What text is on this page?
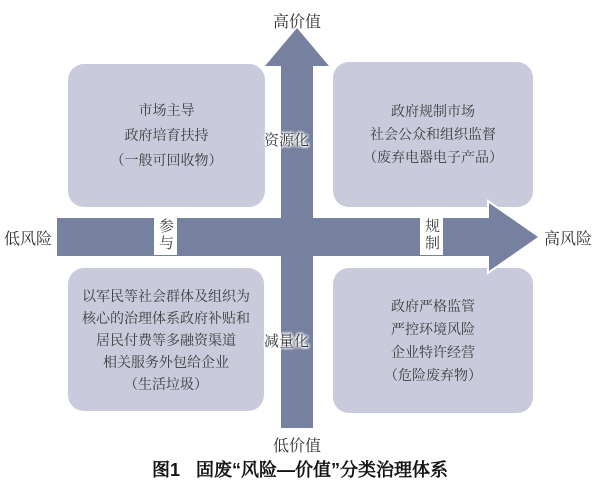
市场主导
政府培育扶持
（一般可回收物）
政府规制市场
社会公众和组织监督
（废弃电器电子产品）
以军民等社会群体及组织为
核心的治理体系政府补贴和
居民付费等多融资渠道
相关服务外包给企业
（生活垃圾）
政府严格监管
严控环境风险
企业特许经营
（危险废弃物）
高价值
低价值
低风险	高风险
资源化
减量化
参与	规制
图1 固废“风险—价值”分类治理体系
